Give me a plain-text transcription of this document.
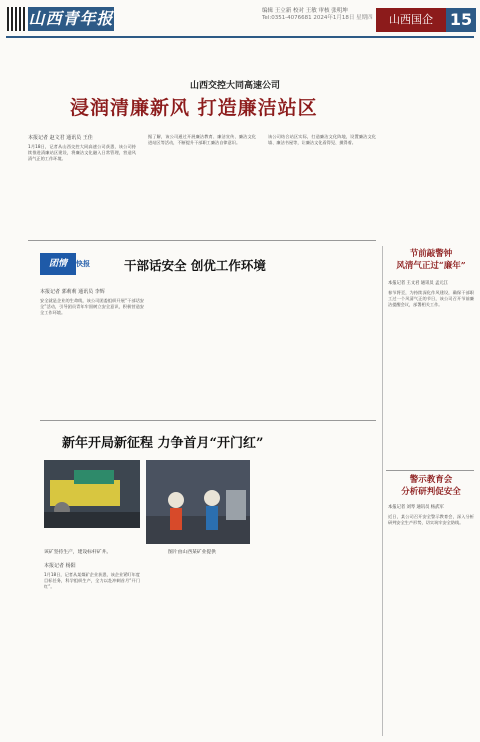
山西青年报	编辑 王立新 校对 王敏 审核 张明坤
Tel:0351-4076681 2024年1月18日 星期四	山西国企	15
山西交控大同高速公司
浸润清廉新风 打造廉洁站区
本报记者 赵文君 通讯员 王佳
1月18日，记者从山西交控大同高速公司获悉，该公司持续推进清廉站区建设，将廉洁文化融入日常管理，营造风清气正的工作环境。
据了解，该公司通过开展廉洁教育、廉洁宣传、廉洁文化进站区等活动，不断提升干部职工廉洁自律意识。
该公司结合站区实际，打造廉洁文化阵地，设置廉洁文化墙、廉洁书屋等，让廉洁文化看得见、摸得着。
节前敲警钟
风清气正过“廉年”
本报记者 王文君 通讯员 孟元江
春节将至，为持续深化作风建设，确保干部职工过一个风清气正的节日，该公司召开节前廉洁提醒会议，部署相关工作。
警示教育会
分析研判促安全
本报记者 刘琴 通讯员 杨武军
近日，某公司召开安全警示教育会，深入分析研判安全生产形势，切实筑牢安全防线。
团情	快报	干部话安全 创优工作环境
本报记者 郭莉莉 通讯员 李辉
安全就是企业的生命线，该公司团委组织开展“干部话安全”活动，引导团员青年牢固树立安全意识，积极营造安全工作环境。
新年开局新征程 力争首月“开门红”
该矿坚持生产，建设标杆矿井。	图片由山西某矿业提供
本报记者 杨阳
1月18日，记者从某煤矿企业获悉，该企业紧盯年度目标任务，科学组织生产，全力以赴冲刺首月“开门红”。
